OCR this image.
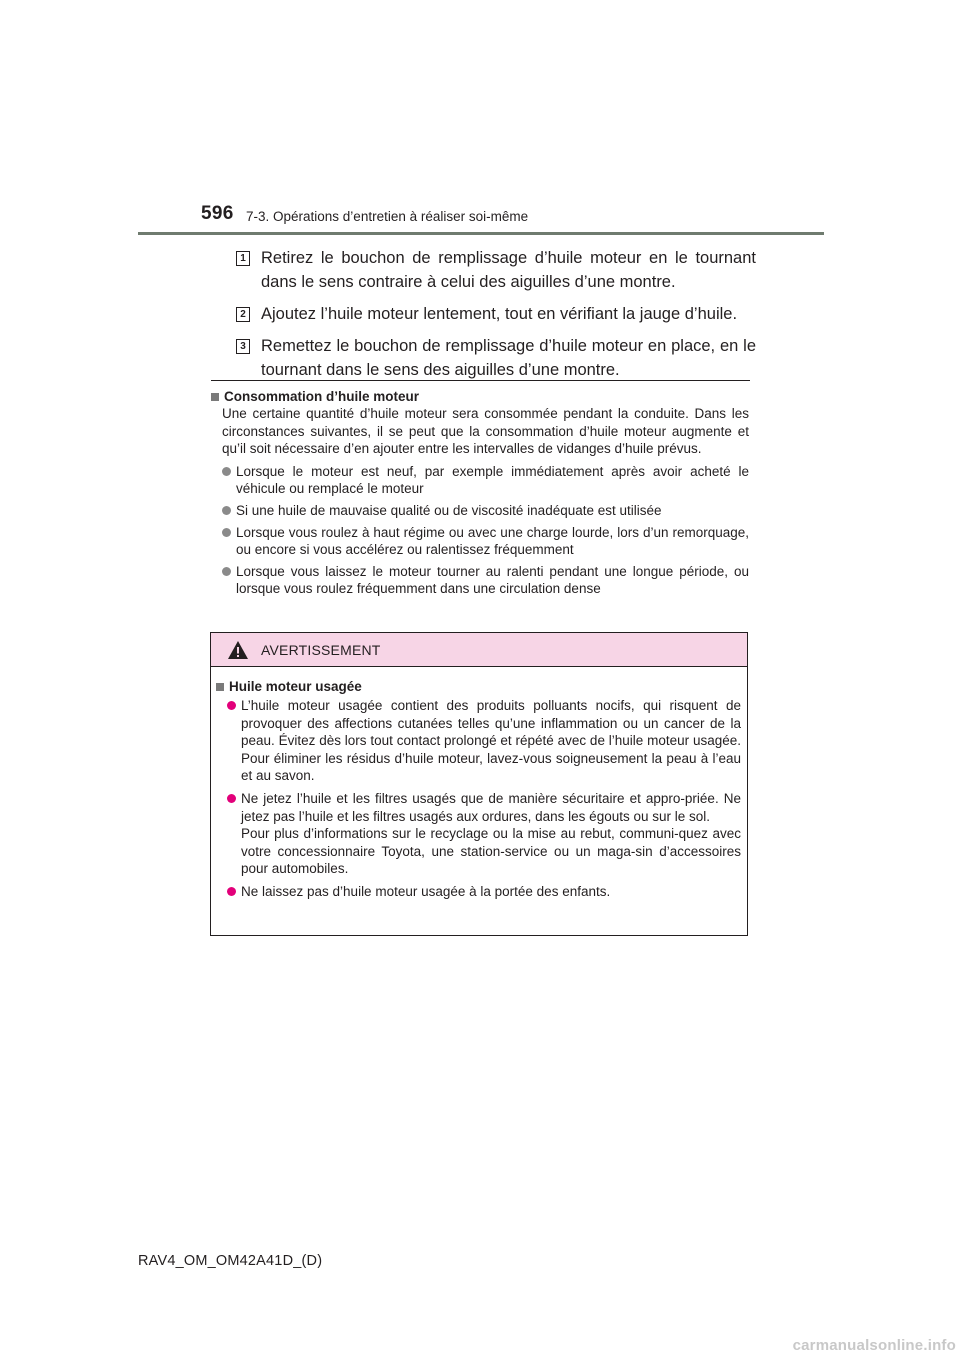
596 7-3. Opérations d’entretien à réaliser soi-même
1 Retirez le bouchon de remplissage d’huile moteur en le tournant dans le sens contraire à celui des aiguilles d’une montre.
2 Ajoutez l’huile moteur lentement, tout en vérifiant la jauge d’huile.
3 Remettez le bouchon de remplissage d’huile moteur en place, en le tournant dans le sens des aiguilles d’une montre.
Consommation d’huile moteur
Une certaine quantité d’huile moteur sera consommée pendant la conduite. Dans les circonstances suivantes, il se peut que la consommation d’huile moteur augmente et qu’il soit nécessaire d’en ajouter entre les intervalles de vidanges d’huile prévus.
Lorsque le moteur est neuf, par exemple immédiatement après avoir acheté le véhicule ou remplacé le moteur
Si une huile de mauvaise qualité ou de viscosité inadéquate est utilisée
Lorsque vous roulez à haut régime ou avec une charge lourde, lors d’un remorquage, ou encore si vous accélérez ou ralentissez fréquemment
Lorsque vous laissez le moteur tourner au ralenti pendant une longue période, ou lorsque vous roulez fréquemment dans une circulation dense
AVERTISSEMENT
Huile moteur usagée
L’huile moteur usagée contient des produits polluants nocifs, qui risquent de provoquer des affections cutanées telles qu’une inflammation ou un cancer de la peau. Évitez dès lors tout contact prolongé et répété avec de l’huile moteur usagée. Pour éliminer les résidus d’huile moteur, lavez-vous soigneusement la peau à l’eau et au savon.
Ne jetez l’huile et les filtres usagés que de manière sécuritaire et appro-priée. Ne jetez pas l’huile et les filtres usagés aux ordures, dans les égouts ou sur le sol.
Pour plus d’informations sur le recyclage ou la mise au rebut, communi-quez avec votre concessionnaire Toyota, une station-service ou un maga-sin d’accessoires pour automobiles.
Ne laissez pas d’huile moteur usagée à la portée des enfants.
RAV4_OM_OM42A41D_(D)
carmanualsonline.info
